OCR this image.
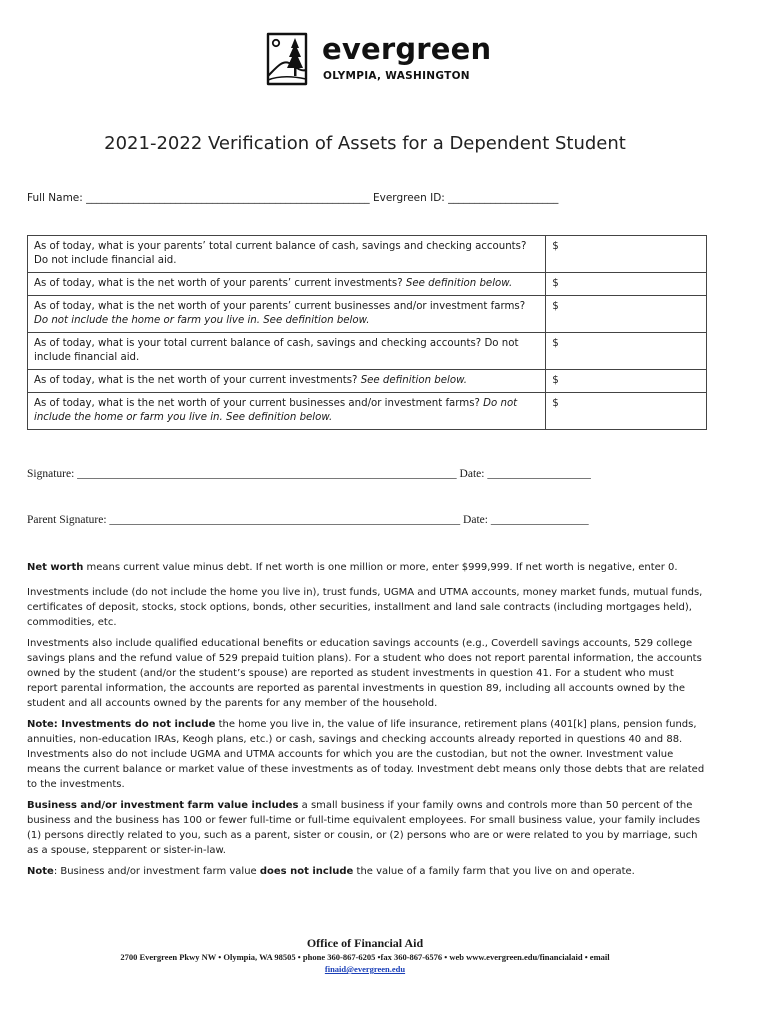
evergreen
OLYMPIA, WASHINGTON
2021-2022 Verification of Assets for a Dependent Student
Full Name: ______________________________________________________ Evergreen ID: _____________________
As of today, what is your parents’ total current balance of cash, savings and checking accounts? Do not include financial aid.	$
As of today, what is the net worth of your parents’ current investments? See definition below.	$
As of today, what is the net worth of your parents’ current businesses and/or investment farms? Do not include the home or farm you live in. See definition below.	$
As of today, what is your total current balance of cash, savings and checking accounts? Do not include financial aid.	$
As of today, what is the net worth of your current investments? See definition below.	$
As of today, what is the net worth of your current businesses and/or investment farms? Do not include the home or farm you live in. See definition below.	$
Signature: __________________________________________________________________ Date: __________________
Parent Signature: _____________________________________________________________ Date: _________________

Net worth means current value minus debt. If net worth is one million or more, enter $999,999. If net worth is negative, enter 0.

Investments include (do not include the home you live in), trust funds, UGMA and UTMA accounts, money market funds, mutual funds, certificates of deposit, stocks, stock options, bonds, other securities, installment and land sale contracts (including mortgages held), commodities, etc.

Investments also include qualified educational benefits or education savings accounts (e.g., Coverdell savings accounts, 529 college savings plans and the refund value of 529 prepaid tuition plans). For a student who does not report parental information, the accounts owned by the student (and/or the student’s spouse) are reported as student investments in question 41. For a student who must report parental information, the accounts are reported as parental investments in question 89, including all accounts owned by the student and all accounts owned by the parents for any member of the household.

Note: Investments do not include the home you live in, the value of life insurance, retirement plans (401[k] plans, pension funds, annuities, non-education IRAs, Keogh plans, etc.) or cash, savings and checking accounts already reported in questions 40 and 88. Investments also do not include UGMA and UTMA accounts for which you are the custodian, but not the owner. Investment value means the current balance or market value of these investments as of today. Investment debt means only those debts that are related to the investments.

Business and/or investment farm value includes a small business if your family owns and controls more than 50 percent of the business and the business has 100 or fewer full-time or full-time equivalent employees. For small business value, your family includes (1) persons directly related to you, such as a parent, sister or cousin, or (2) persons who are or were related to you by marriage, such as a spouse, stepparent or sister-in-law.

Note: Business and/or investment farm value does not include the value of a family farm that you live on and operate.

Office of Financial Aid
2700 Evergreen Pkwy NW • Olympia, WA 98505 • phone 360-867-6205 •fax 360-867-6576 • web www.evergreen.edu/financialaid • email
finaid@evergreen.edu
